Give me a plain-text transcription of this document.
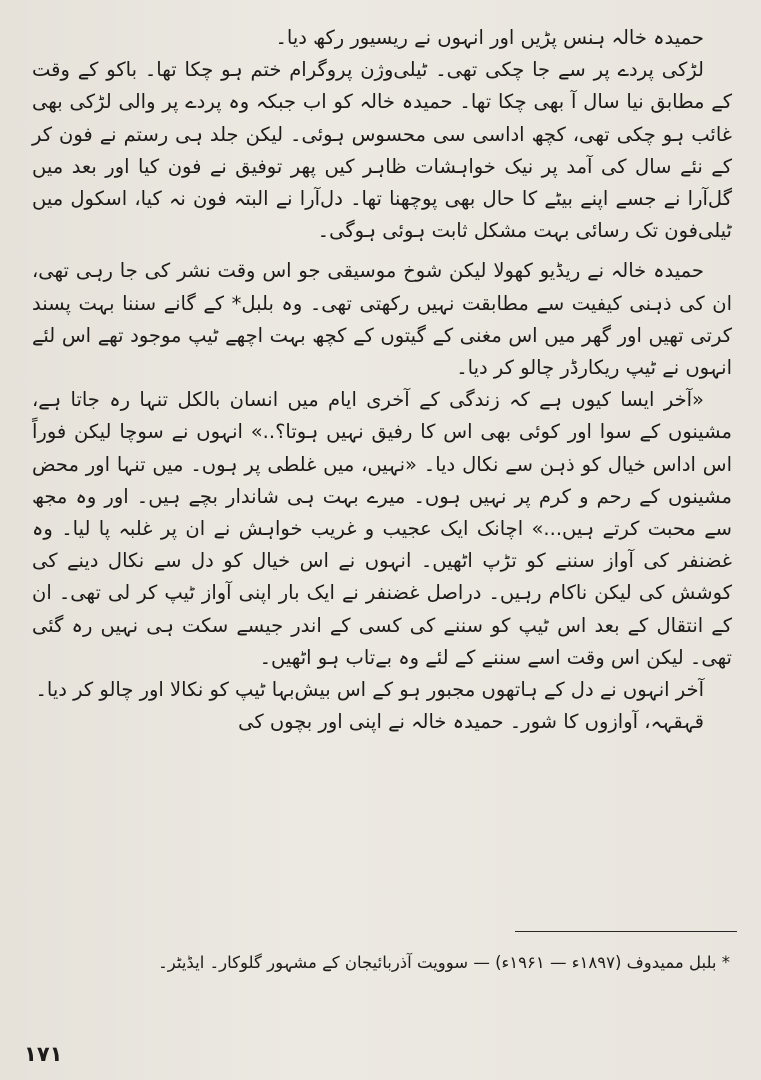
حمیدہ خالہ ہنس پڑیں اور انہوں نے ریسیور رکھ دیا۔

لڑکی پردے پر سے جا چکی تھی۔ ٹیلی‌وژن پروگرام ختم ہو چکا تھا۔ باکو کے وقت کے مطابق نیا سال آ بھی چکا تھا۔ حمیدہ خالہ کو اب جبکہ وہ پردے پر والی لڑکی بھی غائب ہو چکی تھی، کچھ اداسی سی محسوس ہوئی۔ لیکن جلد ہی رستم نے فون کر کے نئے سال کی آمد پر نیک خواہشات ظاہر کیں پھر توفیق نے فون کیا اور بعد میں گل‌آرا نے جسے اپنے بیٹے کا حال بھی پوچھنا تھا۔ دل‌آرا نے البتہ فون نہ کیا، اسکول میں ٹیلی‌فون تک رسائی بہت مشکل ثابت ہوئی ہوگی۔

حمیدہ خالہ نے ریڈیو کھولا لیکن شوخ موسیقی جو اس وقت نشر کی جا رہی تھی، ان کی ذہنی کیفیت سے مطابقت نہیں رکھتی تھی۔ وہ بلبل* کے گانے سننا بہت پسند کرتی تھیں اور گھر میں اس مغنی کے گیتوں کے کچھ بہت اچھے ٹیپ موجود تھے اس لئے انہوں نے ٹیپ ریکارڈر چالو کر دیا۔

«آخر ایسا کیوں ہے کہ زندگی کے آخری ایام میں انسان بالکل تنہا رہ جاتا ہے، مشینوں کے سوا اور کوئی بھی اس کا رفیق نہیں ہوتا؟..» انہوں نے سوچا لیکن فوراً اس اداس خیال کو ذہن سے نکال دیا۔ «نہیں، میں غلطی پر ہوں۔ میں تنہا اور محض مشینوں کے رحم و کرم پر نہیں ہوں۔ میرے بہت ہی شاندار بچے ہیں۔ اور وہ مجھ سے محبت کرتے ہیں...» اچانک ایک عجیب و غریب خواہش نے ان پر غلبہ پا لیا۔ وہ غضنفر کی آواز سننے کو تڑپ اٹھیں۔ انہوں نے اس خیال کو دل سے نکال دینے کی کوشش کی لیکن ناکام رہیں۔ دراصل غضنفر نے ایک بار اپنی آواز ٹیپ کر لی تھی۔ ان کے انتقال کے بعد اس ٹیپ کو سننے کی کسی کے اندر جیسے سکت ہی نہیں رہ گئی تھی۔ لیکن اس وقت اسے سننے کے لئے وہ بے‌تاب ہو اٹھیں۔

آخر انہوں نے دل کے ہاتھوں مجبور ہو کے اس بیش‌بہا ٹیپ کو نکالا اور چالو کر دیا۔

قہقہہ، آوازوں کا شور۔ حمیدہ خالہ نے اپنی اور بچوں کی

* بلبل ممیدوف (۱۸۹۷ء — ۱۹۶۱ء) — سوویت آذربائیجان کے مشہور گلوکار۔ ایڈیٹر۔
۱۷۱
